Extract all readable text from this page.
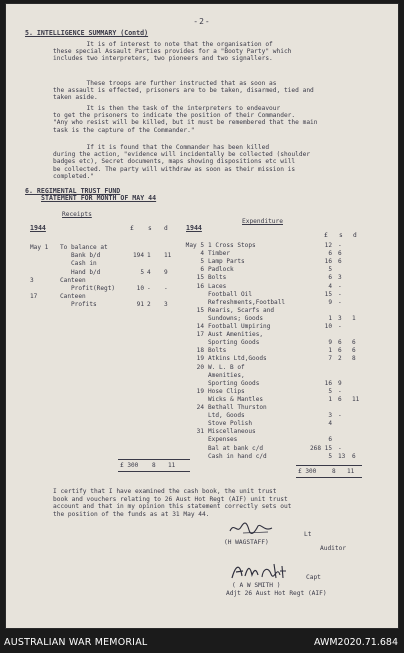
-2-
5. INTELLIGENCE SUMMARY (Contd)
It is of interest to note that the organisation of
these special Assault Parties provides for a "Booty Party" which
includes two interpreters, two pioneers and two signallers.
These troops are further instructed that as soon as
the assault is effected, prisoners are to be taken, disarmed, tied and
taken aside.
It is then the task of the interpreters to endeavour
to get the prisoners to indicate the position of their Commander.
"Any who resist will be killed, but it must be remembered that the main
task is the capture of the Commander."
If it is found that the Commander has been killed
during the action, "evidence will incidentally be collected (shoulder
badges etc), Secret documents, maps showing dispositions etc will
be collected. The party will withdraw as soon as their mission is
completed."
6. REGIMENTAL TRUST FUND
STATEMENT FOR MONTH OF MAY 44
Receipts
1944	£ s d
May 1 To balance at
Bank b/d	194 1 11
Cash in
Hand b/d	5 4 9
3	Canteen
Profit(Regt)	10 - -
17	Canteen
Profits	91 2 3
£ 300 8 11
Expenditure
1944
£ s d
May 5 1 Cross Stops	12 -
4 Timber	6 6
5 Lamp Parts	16 6
6 Padlock	5
15 Bolts	6 3
16 Laces	4 -
Football Oil	15 -
Refreshments,Football	9 -
15 Rearis, Scarfs and
Sundowns; Goods	1 3 1
14 Football Umpiring	10 -
17 Aust Amenities,
Sporting Goods	9 6 6
18 Bolts	1 6 6
19 Atkins Ltd,Goods	7 2 8
20 W. L. B of
Amenities,
Sporting Goods	16 9
19 Hose Clips	5 -
Wicks & Mantles	1 6 11
24 Bethall Thurston
Ltd, Goods	3 -
Stove Polish	4
31 Miscellaneous
Expenses	6
Bal at bank c/d	268 15 -
Cash in hand c/d	5 13 6
£ 300	8 11
I certify that I have examined the cash book, the unit trust
book and vouchers relating to 26 Aust Hot Regt (AIF) unit trust
account and that in my opinion this statement correctly sets out
the position of the funds as at 31 May 44.
Lt
(H WAGSTAFF)
Auditor
Capt
( A W SMITH )
Adjt 26 Aust Hot Regt (AIF)
AUSTRALIAN WAR MEMORIAL	AWM2020.71.684
